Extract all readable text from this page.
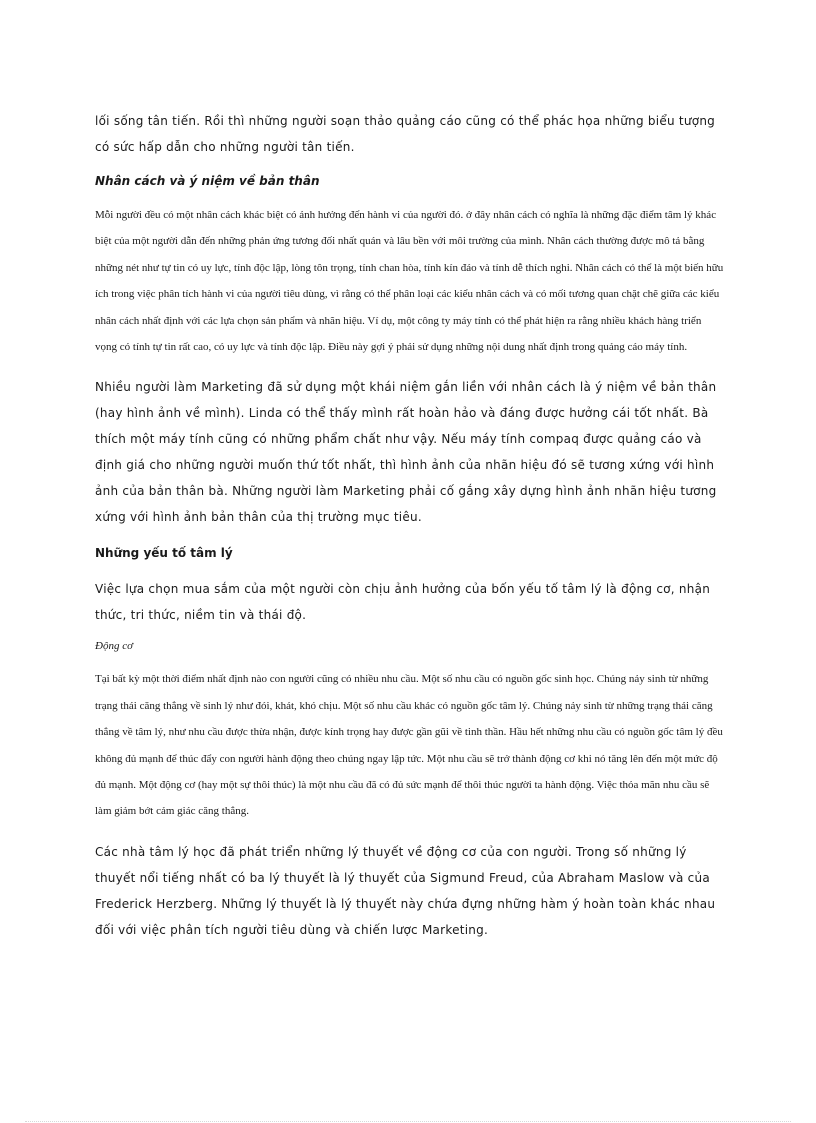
lối sống tân tiến. Rồi thì những người soạn thảo quảng cáo cũng có thể phác họa những biểu tượng có sức hấp dẫn cho những người tân tiến.

Nhân cách và ý niệm về bản thân

Mỗi người đều có một nhân cách khác biệt có ảnh hưởng đến hành vi của người đó. ở đây nhân cách có nghĩa là những đặc điểm tâm lý khác biệt của một người dẫn đến những phản ứng tương đối nhất quán và lâu bền với môi trường của mình. Nhân cách thường được mô tả bằng những nét như tự tin có uy lực, tính độc lập, lòng tôn trọng, tính chan hòa, tính kín đáo và tính dễ thích nghi. Nhân cách có thể là một biến hữu ích trong việc phân tích hành vi của người tiêu dùng, vì rằng có thể phân loại các kiểu nhân cách và có mối tương quan chặt chẽ giữa các kiểu nhân cách nhất định với các lựa chọn sản phẩm và nhãn hiệu. Ví dụ, một công ty máy tính có thể phát hiện ra rằng nhiều khách hàng triển vọng có tính tự tin rất cao, có uy lực và tính độc lập. Điều này gợi ý phải sử dụng những nội dung nhất định trong quảng cáo máy tính.

Nhiều người làm Marketing đã sử dụng một khái niệm gắn liền với nhân cách là ý niệm về bản thân (hay hình ảnh về mình). Linda có thể thấy mình rất hoàn hảo và đáng được hưởng cái tốt nhất. Bà thích một máy tính cũng có những phẩm chất như vậy. Nếu máy tính compaq được quảng cáo và định giá cho những người muốn thứ tốt nhất, thì hình ảnh của nhãn hiệu đó sẽ tương xứng với hình ảnh của bản thân bà. Những người làm Marketing phải cố gắng xây dựng hình ảnh nhãn hiệu tương xứng với hình ảnh bản thân của thị trường mục tiêu.

Những yếu tố tâm lý

Việc lựa chọn mua sắm của một người còn chịu ảnh hưởng của bốn yếu tố tâm lý là động cơ, nhận thức, tri thức, niềm tin và thái độ.

Động cơ

Tại bất kỳ một thời điểm nhất định nào con người cũng có nhiều nhu cầu. Một số nhu cầu có nguồn gốc sinh học. Chúng nảy sinh từ những trạng thái căng thẳng về sinh lý như đói, khát, khó chịu. Một số nhu cầu khác có nguồn gốc tâm lý. Chúng nảy sinh từ những trạng thái căng thẳng về tâm lý, như nhu cầu được thừa nhận, được kính trọng hay được gần gũi về tinh thần. Hầu hết những nhu cầu có nguồn gốc tâm lý đều không đủ mạnh để thúc đẩy con người hành động theo chúng ngay lập tức. Một nhu cầu sẽ trở thành động cơ khi nó tăng lên đến một mức độ đủ mạnh. Một động cơ (hay một sự thôi thúc) là một nhu cầu đã có đủ sức mạnh để thôi thúc người ta hành động. Việc thỏa mãn nhu cầu sẽ làm giảm bớt cảm giác căng thẳng.

Các nhà tâm lý học đã phát triển những lý thuyết về động cơ của con người. Trong số những lý thuyết nổi tiếng nhất có ba lý thuyết là lý thuyết của Sigmund Freud, của Abraham Maslow và của Frederick Herzberg. Những lý thuyết là lý thuyết này chứa đựng những hàm ý hoàn toàn khác nhau đối với việc phân tích người tiêu dùng và chiến lược Marketing.
